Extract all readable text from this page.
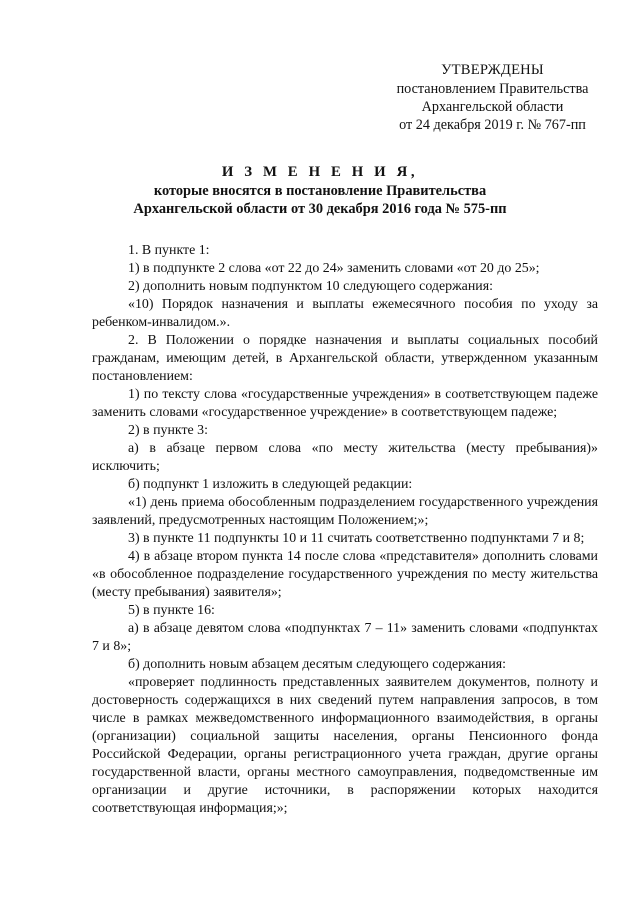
УТВЕРЖДЕНЫ
постановлением Правительства
Архангельской области
от 24 декабря 2019 г. № 767-пп
И З М Е Н Е Н И Я,
которые вносятся в постановление Правительства
Архангельской области от 30 декабря 2016 года № 575-пп

1. В пункте 1:

1) в подпункте 2 слова «от 22 до 24» заменить словами «от 20 до 25»;

2) дополнить новым подпунктом 10 следующего содержания:

«10) Порядок назначения и выплаты ежемесячного пособия по уходу за ребенком-инвалидом.».

2. В Положении о порядке назначения и выплаты социальных пособий гражданам, имеющим детей, в Архангельской области, утвержденном указанным постановлением:

1) по тексту слова «государственные учреждения» в соответствующем падеже заменить словами «государственное учреждение» в соответствующем падеже;

2) в пункте 3:

а) в абзаце первом слова «по месту жительства (месту пребывания)» исключить;

б) подпункт 1 изложить в следующей редакции:

«1) день приема обособленным подразделением государственного учреждения заявлений, предусмотренных настоящим Положением;»;

3) в пункте 11 подпункты 10 и 11 считать соответственно подпунктами 7 и 8;

4) в абзаце втором пункта 14 после слова «представителя» дополнить словами «в обособленное подразделение государственного учреждения по месту жительства (месту пребывания) заявителя»;

5) в пункте 16:

а) в абзаце девятом слова «подпунктах 7 – 11» заменить словами «подпунктах 7 и 8»;

б) дополнить новым абзацем десятым следующего содержания:

«проверяет подлинность представленных заявителем документов, полноту и достоверность содержащихся в них сведений путем направления запросов, в том числе в рамках межведомственного информационного взаимодействия, в органы (организации) социальной защиты населения, органы Пенсионного фонда Российской Федерации, органы регистрационного учета граждан, другие органы государственной власти, органы местного самоуправления, подведомственные им организации и другие источники, в распоряжении которых находится соответствующая информация;»;
